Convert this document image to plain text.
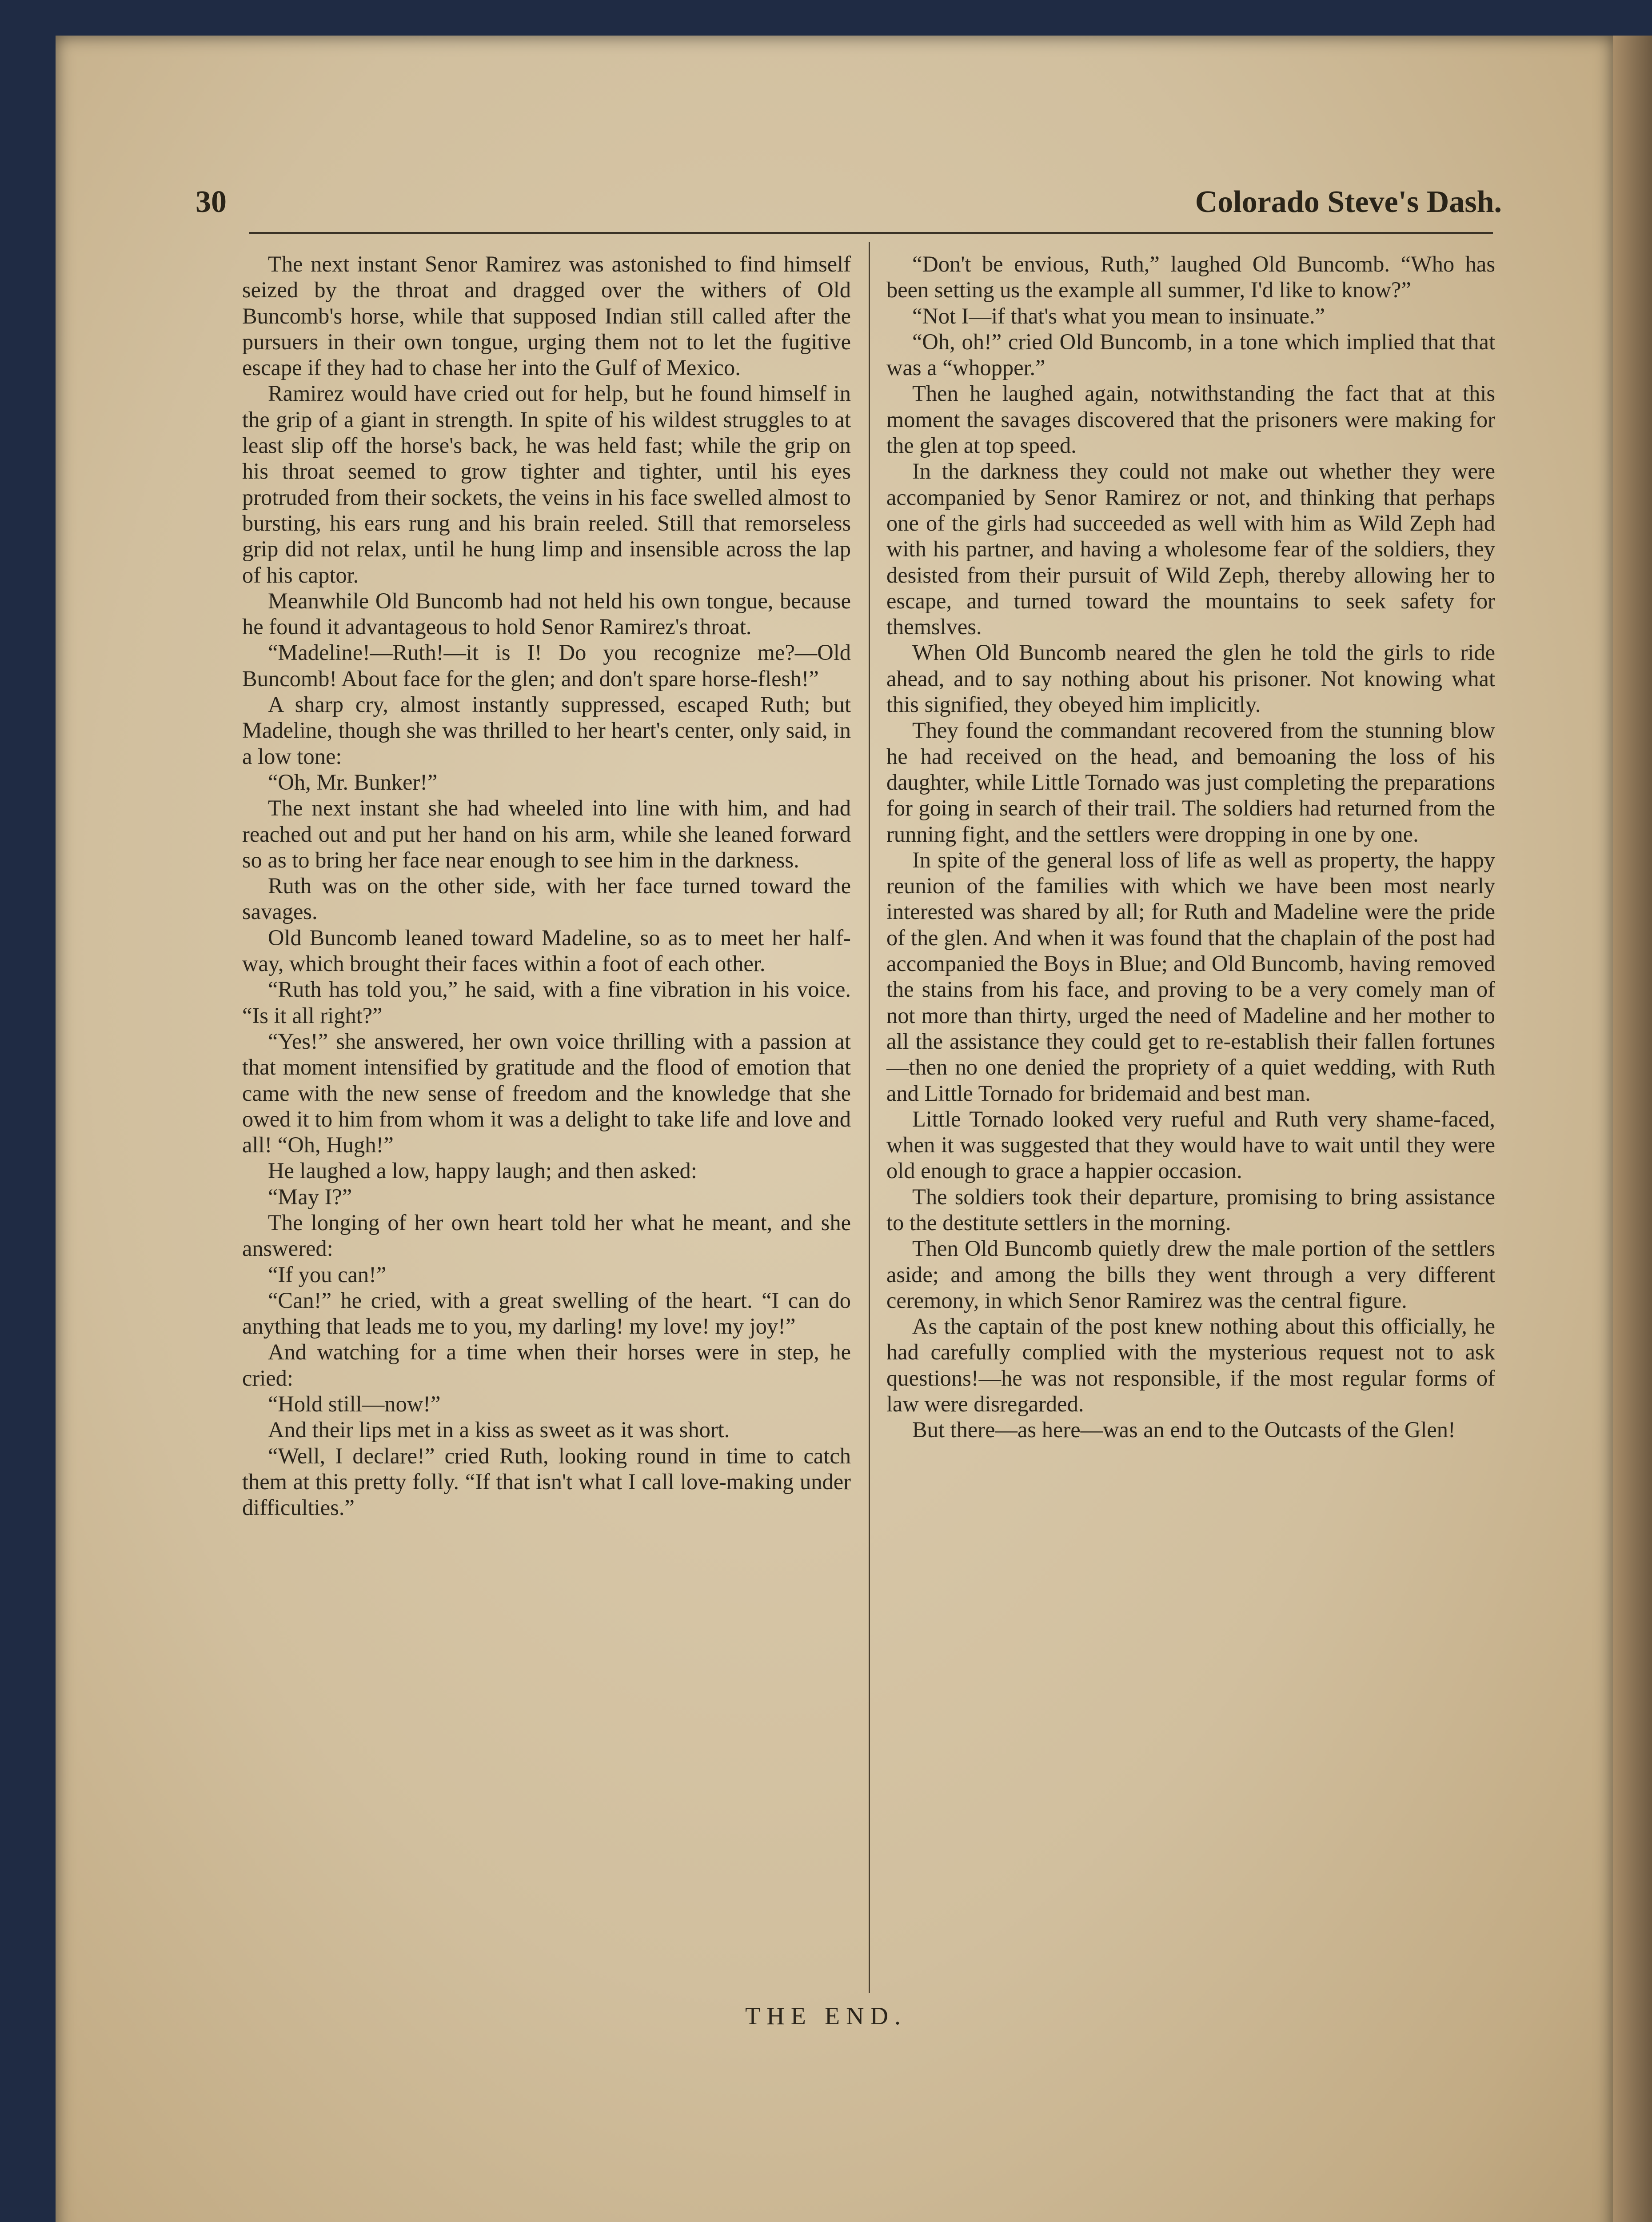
30	Colorado Steve's Dash.

The next instant Senor Ramirez was astonished to find himself seized by the throat and dragged over the withers of Old Buncomb's horse, while that supposed Indian still called after the pursuers in their own tongue, urging them not to let the fugitive escape if they had to chase her into the Gulf of Mexico.

Ramirez would have cried out for help, but he found himself in the grip of a giant in strength. In spite of his wildest struggles to at least slip off the horse's back, he was held fast; while the grip on his throat seemed to grow tighter and tighter, until his eyes protruded from their sockets, the veins in his face swelled almost to bursting, his ears rung and his brain reeled. Still that remorseless grip did not relax, until he hung limp and insensible across the lap of his captor.

Meanwhile Old Buncomb had not held his own tongue, because he found it advantageous to hold Senor Ramirez's throat.

“Madeline!—Ruth!—it is I! Do you recognize me?—Old Buncomb! About face for the glen; and don't spare horse-flesh!”

A sharp cry, almost instantly suppressed, escaped Ruth; but Madeline, though she was thrilled to her heart's center, only said, in a low tone:

“Oh, Mr. Bunker!”

The next instant she had wheeled into line with him, and had reached out and put her hand on his arm, while she leaned forward so as to bring her face near enough to see him in the darkness.

Ruth was on the other side, with her face turned toward the savages.

Old Buncomb leaned toward Madeline, so as to meet her half-way, which brought their faces within a foot of each other.

“Ruth has told you,” he said, with a fine vibration in his voice. “Is it all right?”

“Yes!” she answered, her own voice thrilling with a passion at that moment intensified by gratitude and the flood of emotion that came with the new sense of freedom and the knowledge that she owed it to him from whom it was a delight to take life and love and all! “Oh, Hugh!”

He laughed a low, happy laugh; and then asked:

“May I?”

The longing of her own heart told her what he meant, and she answered:

“If you can!”

“Can!” he cried, with a great swelling of the heart. “I can do anything that leads me to you, my darling! my love! my joy!”

And watching for a time when their horses were in step, he cried:

“Hold still—now!”

And their lips met in a kiss as sweet as it was short.

“Well, I declare!” cried Ruth, looking round in time to catch them at this pretty folly. “If that isn't what I call love-making under difficulties.”

“Don't be envious, Ruth,” laughed Old Buncomb. “Who has been setting us the example all summer, I'd like to know?”

“Not I—if that's what you mean to insinuate.”

“Oh, oh!” cried Old Buncomb, in a tone which implied that that was a “whopper.”

Then he laughed again, notwithstanding the fact that at this moment the savages discovered that the prisoners were making for the glen at top speed.

In the darkness they could not make out whether they were accompanied by Senor Ramirez or not, and thinking that perhaps one of the girls had succeeded as well with him as Wild Zeph had with his partner, and having a wholesome fear of the soldiers, they desisted from their pursuit of Wild Zeph, thereby allowing her to escape, and turned toward the mountains to seek safety for themslves.

When Old Buncomb neared the glen he told the girls to ride ahead, and to say nothing about his prisoner. Not knowing what this signified, they obeyed him implicitly.

They found the commandant recovered from the stunning blow he had received on the head, and bemoaning the loss of his daughter, while Little Tornado was just completing the preparations for going in search of their trail. The soldiers had returned from the running fight, and the settlers were dropping in one by one.

In spite of the general loss of life as well as property, the happy reunion of the families with which we have been most nearly interested was shared by all; for Ruth and Madeline were the pride of the glen. And when it was found that the chaplain of the post had accompanied the Boys in Blue; and Old Buncomb, having removed the stains from his face, and proving to be a very comely man of not more than thirty, urged the need of Madeline and her mother to all the assistance they could get to re-establish their fallen fortunes—then no one denied the propriety of a quiet wedding, with Ruth and Little Tornado for bridemaid and best man.

Little Tornado looked very rueful and Ruth very shame-faced, when it was suggested that they would have to wait until they were old enough to grace a happier occasion.

The soldiers took their departure, promising to bring assistance to the destitute settlers in the morning.

Then Old Buncomb quietly drew the male portion of the settlers aside; and among the bills they went through a very different ceremony, in which Senor Ramirez was the central figure.

As the captain of the post knew nothing about this officially, he had carefully complied with the mysterious request not to ask questions!—he was not responsible, if the most regular forms of law were disregarded.

But there—as here—was an end to the Outcasts of the Glen!

THE END.
